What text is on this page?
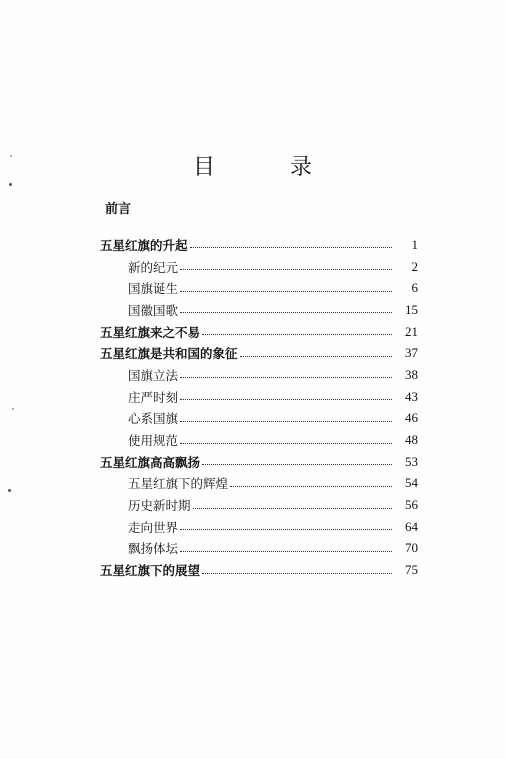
目 录
前言
五星红旗的升起	1
新的纪元	2
国旗诞生	6
国徽国歌	15
五星红旗来之不易	21
五星红旗是共和国的象征	37
国旗立法	38
庄严时刻	43
心系国旗	46
使用规范	48
五星红旗高高飘扬	53
五星红旗下的辉煌	54
历史新时期	56
走向世界	64
飘扬体坛	70
五星红旗下的展望	75
